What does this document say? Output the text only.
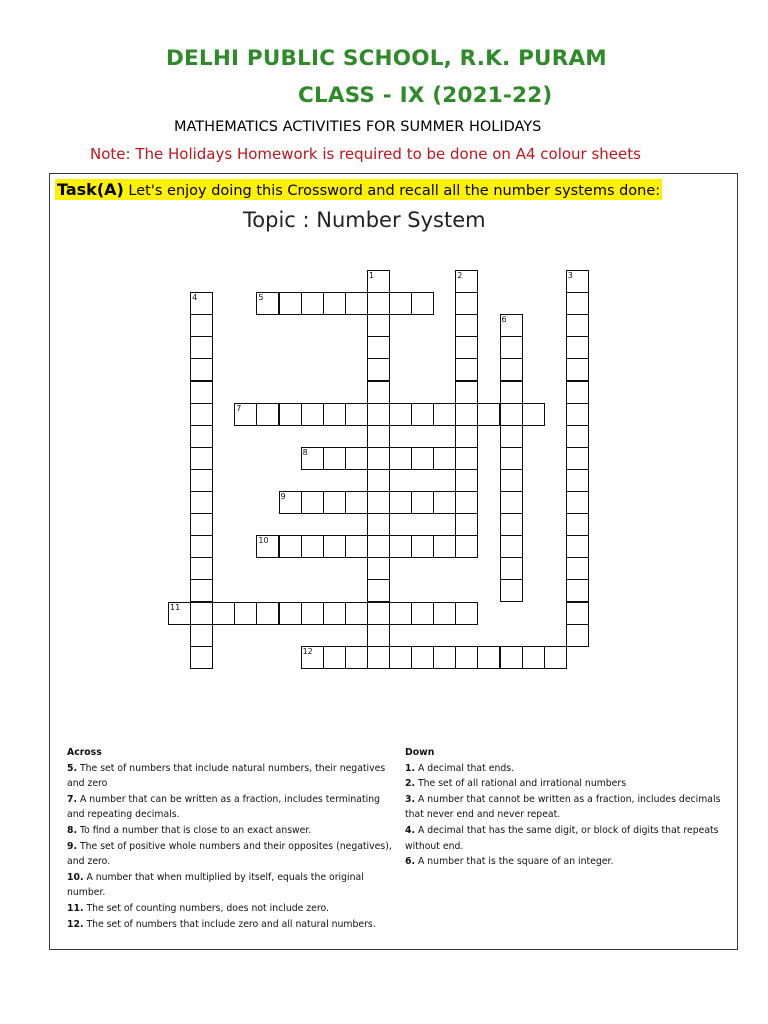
DELHI PUBLIC SCHOOL, R.K. PURAM
CLASS - IX (2021-22)
MATHEMATICS ACTIVITIES FOR SUMMER HOLIDAYS
Note: The Holidays Homework is required to be done on A4 colour sheets
Task(A) Let's enjoy doing this Crossword and recall all the number systems done:
Topic : Number System
1	2	3
4	5
6
7
8
9
10
11
12
Across
5. The set of numbers that include natural numbers, their negatives and zero
7. A number that can be written as a fraction, includes terminating and repeating decimals.
8. To find a number that is close to an exact answer.
9. The set of positive whole numbers and their opposites (negatives), and zero.
10. A number that when multiplied by itself, equals the original number.
11. The set of counting numbers, does not include zero.
12. The set of numbers that include zero and all natural numbers.
Down
1. A decimal that ends.
2. The set of all rational and irrational numbers
3. A number that cannot be written as a fraction, includes decimals that never end and never repeat.
4. A decimal that has the same digit, or block of digits that repeats without end.
6. A number that is the square of an integer.
